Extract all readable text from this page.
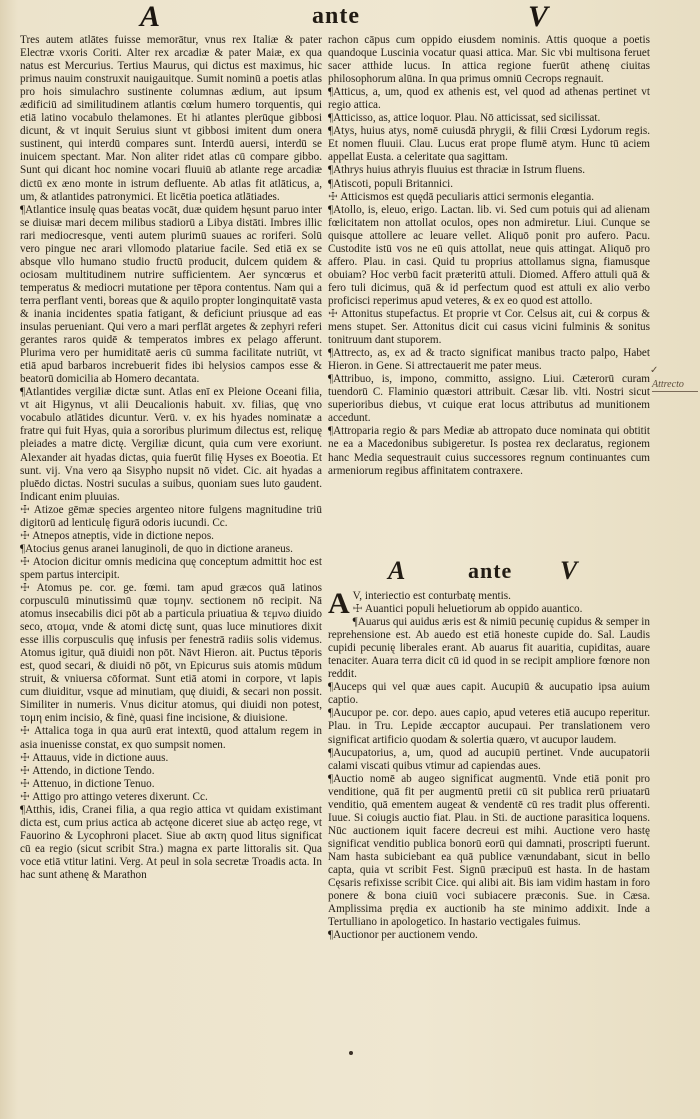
A	ante	V

Tres autem atlātes fuisse memorātur, vnus rex Italiæ & pater Electræ vxoris Coriti. Alter rex arcadiæ & pater Maiæ, ex qua natus est Mercurius. Tertius Maurus, qui dictus est maximus, hic primus nauim construxit nauigauitque. Sumit nominū a poetis atlas pro hois simulachro sustinente columnas ædium, aut ipsum ædificiū ad similitudinem atlantis cœlum humero torquentis, qui etiā latino vocabulo thelamones. Et hi atlantes plerūque gibbosi dicunt, & vt inquit Seruius siunt vt gibbosi imitent dum onera sustinent, qui interdū compares sunt. Interdū auersi, interdū se inuicem spectant. Mar. Non aliter ridet atlas cū compare gibbo. Sunt qui dicant hoc nomine vocari fluuiū ab atlante rege arcadiæ dictū ex æno monte in istrum defluente. Ab atlas fit atlāticus, a, um, & atlantides patronymici. Et licētia poetica atlātiades.

¶Atlantice insulę quas beatas vocāt, duæ quidem hęsunt paruo inter se diuisæ mari decem milibus stadiorū a Libya distāti. Imbres illic rari mediocresque, venti autem plurimū suaues ac roriferi. Solū vero pingue nec arari vllomodo platariue facile. Sed etiā ex se absque vllo humano studio fructū producit, dulcem quidem & ociosam multitudinem nutrire sufficientem. Aer syncœrus et temperatus & mediocri mutatione per tēpora contentus. Nam qui a terra perflant venti, boreas que & aquilo propter longinquitatē vasta & inania incidentes spatia fatigant, & deficiunt priusque ad eas insulas perueniant. Qui vero a mari perflāt argetes & zephyri referi gerantes raros quidē & temperatos imbres ex pelago afferunt. Plurima vero per humiditatē aeris cū summa facilitate nutriūt, vt etiā apud barbaros increbuerit fides ibi helysios campos esse & beatorū domicilia ab Homero decantata.

¶Atlantides vergiliæ dictæ sunt. Atlas enī ex Pleione Oceani filia, vt ait Higynus, vt alii Deucalionis habuit. xv. filias, quę vno vocabulo atlātides dicuntur. Verū. v. ex his hyades nominatæ a fratre qui fuit Hyas, quia a sororibus plurimum dilectus est, reliquę pleiades a matre dictę. Vergiliæ dicunt, quia cum vere exoriunt. Alexander ait hyadas dictas, quia fuerūt filię Hyses ex Boeotia. Et sunt. vij. Vna vero ąa Sisypho nupsit nō videt. Cic. ait hyadas a pluēdo dictas. Nostri suculas a suibus, quoniam sues luto gaudent. Indicant enim pluuias.

☩ Atizoe gēmæ species argenteo nitore fulgens magnitudine triū digitorū ad lenticulę figurā odoris iucundi. Cc.

☩ Atnepos atneptis, vide in dictione nepos.

¶Atocius genus aranei lanuginoli, de quo in dictione araneus.

☩ Atocion dicitur omnis medicina quę conceptum admittit hoc est spem partus intercipit.

☩ Atomus pe. cor. ge. fœmi. tam apud græcos quā latinos corpusculū minutissimū quæ τομηv. sectionem nō recipit. Nā atomus insecabilis dici pōt ab a particula priuatiua & τεμνω diuido seco, ατομα, vnde & atomi dictę sunt, quas luce minutiores dixit esse illis corpusculis quę infusis per fenestrā radiis solis videmus. Atomus igitur, quā diuidi non pōt. Nāvt Hieron. ait. Puctus tēporis est, quod secari, & diuidi nō pōt, vn Epicurus suis atomis mūdum struit, & vniuersa cōformat. Sunt etiā atomi in corpore, vt lapis cum diuiditur, vsque ad minutiam, quę diuidi, & secari non possit. Similiter in numeris. Vnus dicitur atomus, qui diuidi non potest, τομη enim incisio, & finė, quasi fine incisione, & diuisione.

☩ Attalica toga in qua aurū erat intextū, quod attalum regem in asia inuenisse constat, ex quo sumpsit nomen.

☩ Attauus, vide in dictione auus.

☩ Attendo, in dictione Tendo.

☩ Attenuo, in dictione Tenuo.

☩ Attigo pro attingo veteres dixerunt. Cc.

¶Atthis, idis, Cranei filia, a qua regio attica vt quidam existimant dicta est, cum prius actica ab actęone diceret siue ab actęo rege, vt Fauorino & Lycophroni placet. Siue ab ακτη quod litus significat cū ea regio (sicut scribit Stra.) magna ex parte littoralis sit. Qua voce etiā vtitur latini. Verg. At peul in sola secretæ Troadis acta. In hac sunt athenę & Marathon

rachon cāpus cum oppido eiusdem nominis. Attis quoque a poetis quandoque Luscinia vocatur quasi attica. Mar. Sic vbi multisona feruet sacer atthide lucus. In attica regione fuerūt athenę ciuitas philosophorum alūna. In qua primus omniū Cecrops regnauit.

¶Atticus, a, um, quod ex athenis est, vel quod ad athenas pertinet vt regio attica.

¶Atticisso, as, attice loquor. Plau. Nō atticissat, sed sicilissat.

¶Atys, huius atys, nomē cuiusdā phrygii, & filii Crœsi Lydorum regis. Et nomen fluuii. Clau. Lucus erat prope flumē atym. Hunc tū aciem appellat Eusta. a celeritate qua sagittam.

¶Athrys huius athryis fluuius est thraciæ in Istrum fluens.

¶Atiscoti, populi Britannici.

☩ Atticismos est quędā peculiaris attici sermonis elegantia.

¶Atollo, is, eleuo, erigo. Lactan. lib. vi. Sed cum potuis qui ad alienam fœlicitatem non attollat oculos, opes non admiretur. Liui. Cunque se quisque attollere ac leuare vellet. Aliquō ponit pro aufero. Pacu. Custodite istū vos ne eū quis attollat, neue quis attingat. Aliquō pro affero. Plau. in casi. Quid tu proprius attollamus signa, fiamusque obuiam? Hoc verbū facit præteritū attuli. Diomed. Affero attuli quā & fero tuli dicimus, quā & id perfectum quod est attuli ex alio verbo proficisci reperimus apud veteres, & ex eo quod est attollo.

☩ Attonitus stupefactus. Et proprie vt Cor. Celsus ait, cui & corpus & mens stupet. Ser. Attonitus dicit cui casus vicini fulminis & sonitus tonitruum dant stuporem.

¶Attrecto, as, ex ad & tracto significat manibus tracto palpo, Habet Hieron. in Gene. Si attrectauerit me pater meus.

¶Attribuo, is, impono, committo, assigno. Liui. Cæterorū curam tuendorū C. Flaminio quæstori attribuit. Cæsar lib. vlti. Nostri sicut superioribus diebus, vt cuique erat locus attributus ad munitionem accedunt.

¶Attroparia regio & pars Mediæ ab attropato duce nominata qui obtitit ne ea a Macedonibus subigeretur. Is postea rex declaratus, regionem hanc Media sequestrauit cuius successores regnum continuantes cum armeniorum regibus affinitatem contraxere.

A	ante V

A V, interiectio est conturbatę mentis.

☩ Auantici populi heluetiorum ab oppido auantico.

¶Auarus qui auidus æris est & nimiū pecunię cupidus & semper in reprehensione est. Ab auedo est etiā honeste cupide do. Sal. Laudis cupidi pecunię liberales erant. Ab auarus fit auaritia, cupiditas, auare tenaciter. Auara terra dicit cū id quod in se recipit ampliore fœnore non reddit.

¶Auceps qui vel quæ aues capit. Aucupiū & aucupatio ipsa auium captio.

¶Aucupor pe. cor. depo. aues capio, apud veteres etiā aucupo reperitur. Plau. in Tru. Lepide æccaptor aucupaui. Per translationem vero significat artificio quodam & solertia quæro, vt aucupor laudem.

¶Aucupatorius, a, um, quod ad aucupiū pertinet. Vnde aucupatorii calami viscati quibus vtimur ad capiendas aues.

¶Auctio nomē ab augeo significat augmentū. Vnde etiā ponit pro venditione, quā fit per augmentū pretii cū sit publica rerū priuatarū venditio, quā ementem augeat & vendentē cū res tradit plus offerenti. Iuue. Si coiugis auctio fiat. Plau. in Sti. de auctione parasitica loquens. Nūc auctionem iquit facere decreui est mihi. Auctione vero hastę significat venditio publica bonorū eorū qui damnati, proscripti fuerunt. Nam hasta subiciebant ea quā publice vænundabant, sicut in bello capta, quia vt scribit Fest. Signū præcipuū est hasta. In de hastam Cęsaris refixisse scribit Cice. qui alibi ait. Bis iam vidim hastam in foro ponere & bona ciuiū voci subiacere præconis. Sue. in Cæsa. Amplissima prędia ex auctionib ha ste minimo addixit. Inde a Tertulliano in apologetico. In hastario vectigales fuimus.

¶Auctionor per auctionem vendo.

✓
Attrecto
